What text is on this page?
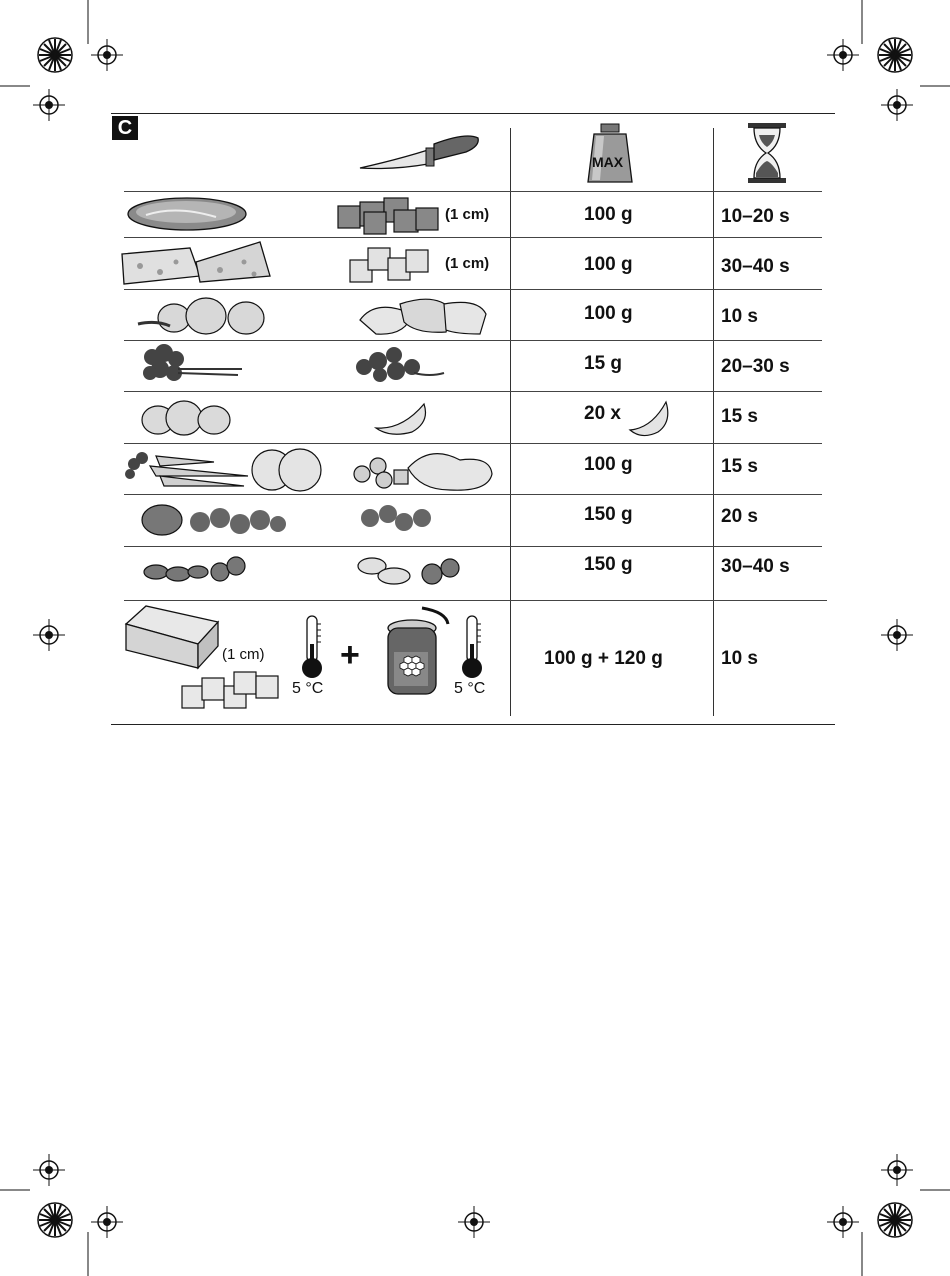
C
MAX
(1 cm)	100 g	10–20 s
(1 cm)	100 g	30–40 s
100 g	10 s
15 g	20–30 s
20 x	15 s
100 g	15 s
150 g	20 s
150 g	30–40 s
(1 cm)
5 °C
+
5 °C
100 g + 120 g	10 s
